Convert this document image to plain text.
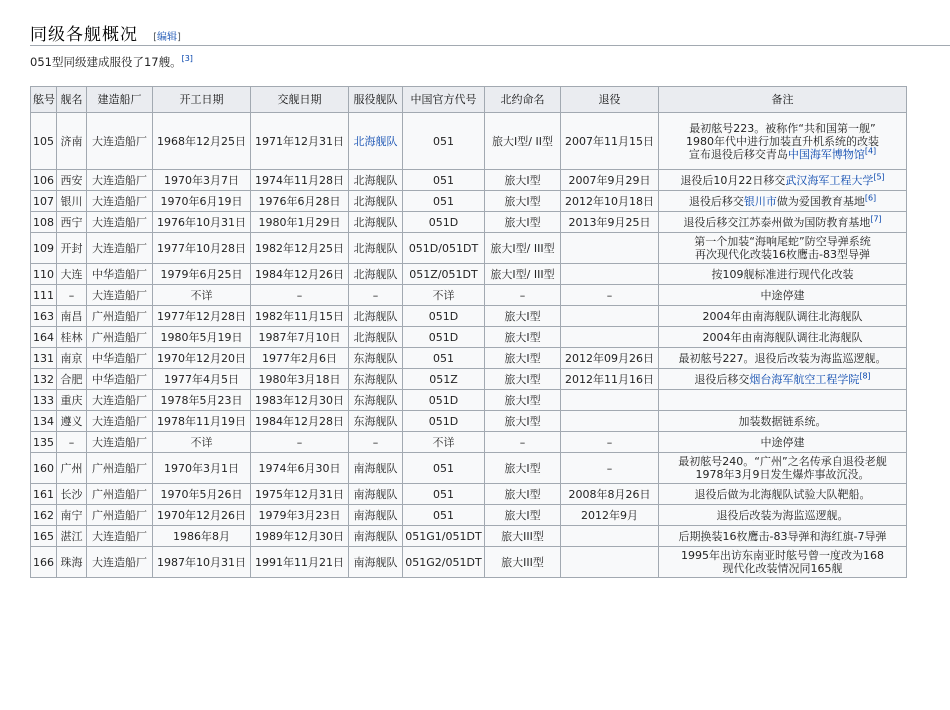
同级各舰概况 [编辑]
051型同级建成服役了17艘。[3]
舷号	舰名	建造船厂	开工日期	交舰日期	服役舰队	中国官方代号	北约命名	退役	备注
105	济南	大连造船厂	1968年12月25日	1971年12月31日	北海舰队	051	旅大I型/ II型	2007年11月15日	最初舷号223。被称作“共和国第一舰”
1980年代中进行加装直升机系统的改装
宣布退役后移交青岛中国海军博物馆[4]

106	西安	大连造船厂	1970年3月7日	1974年11月28日	北海舰队	051	旅大I型	2007年9月29日	退役后10月22日移交武汉海军工程大学[5]

107	银川	大连造船厂	1970年6月19日	1976年6月28日	北海舰队	051	旅大I型	2012年10月18日	退役后移交银川市做为爱国教育基地[6]

108	西宁	大连造船厂	1976年10月31日	1980年1月29日	北海舰队	051D	旅大I型	2013年9月25日	退役后移交江苏泰州做为国防教育基地[7]

109	开封	大连造船厂	1977年10月28日	1982年12月25日	北海舰队	051D/051DT	旅大I型/ III型		第一个加装“海响尾蛇”防空导弹系统
再次现代化改装16枚鹰击-83型导弹

110	大连	中华造船厂	1979年6月25日	1984年12月26日	北海舰队	051Z/051DT	旅大I型/ III型		按109舰标准进行现代化改装

111	–	大连造船厂	不详	–	–	不详	–	–	中途停建

163	南昌	广州造船厂	1977年12月28日	1982年11月15日	北海舰队	051D	旅大I型		2004年由南海舰队调往北海舰队

164	桂林	广州造船厂	1980年5月19日	1987年7月10日	北海舰队	051D	旅大I型		2004年由南海舰队调往北海舰队

131	南京	中华造船厂	1970年12月20日	1977年2月6日	东海舰队	051	旅大I型	2012年09月26日	最初舷号227。退役后改装为海监巡逻舰。

132	合肥	中华造船厂	1977年4月5日	1980年3月18日	东海舰队	051Z	旅大I型	2012年11月16日	退役后移交烟台海军航空工程学院[8]

133	重庆	大连造船厂	1978年5月23日	1983年12月30日	东海舰队	051D	旅大I型		

134	遵义	大连造船厂	1978年11月19日	1984年12月28日	东海舰队	051D	旅大I型		加装数据链系统。

135	–	大连造船厂	不详	–	–	不详	–	–	中途停建

160	广州	广州造船厂	1970年3月1日	1974年6月30日	南海舰队	051	旅大I型	–	最初舷号240。“广州”之名传承自退役老舰
1978年3月9日发生爆炸事故沉没。

161	长沙	广州造船厂	1970年5月26日	1975年12月31日	南海舰队	051	旅大I型	2008年8月26日	退役后做为北海舰队试验大队靶船。

162	南宁	广州造船厂	1970年12月26日	1979年3月23日	南海舰队	051	旅大I型	2012年9月	退役后改装为海监巡逻舰。

165	湛江	大连造船厂	1986年8月	1989年12月30日	南海舰队	051G1/051DT	旅大III型		后期换装16枚鹰击-83导弹和海红旗-7导弹

166	珠海	大连造船厂	1987年10月31日	1991年11月21日	南海舰队	051G2/051DT	旅大III型		1995年出访东南亚时舷号曾一度改为168
现代化改装情况同165舰
